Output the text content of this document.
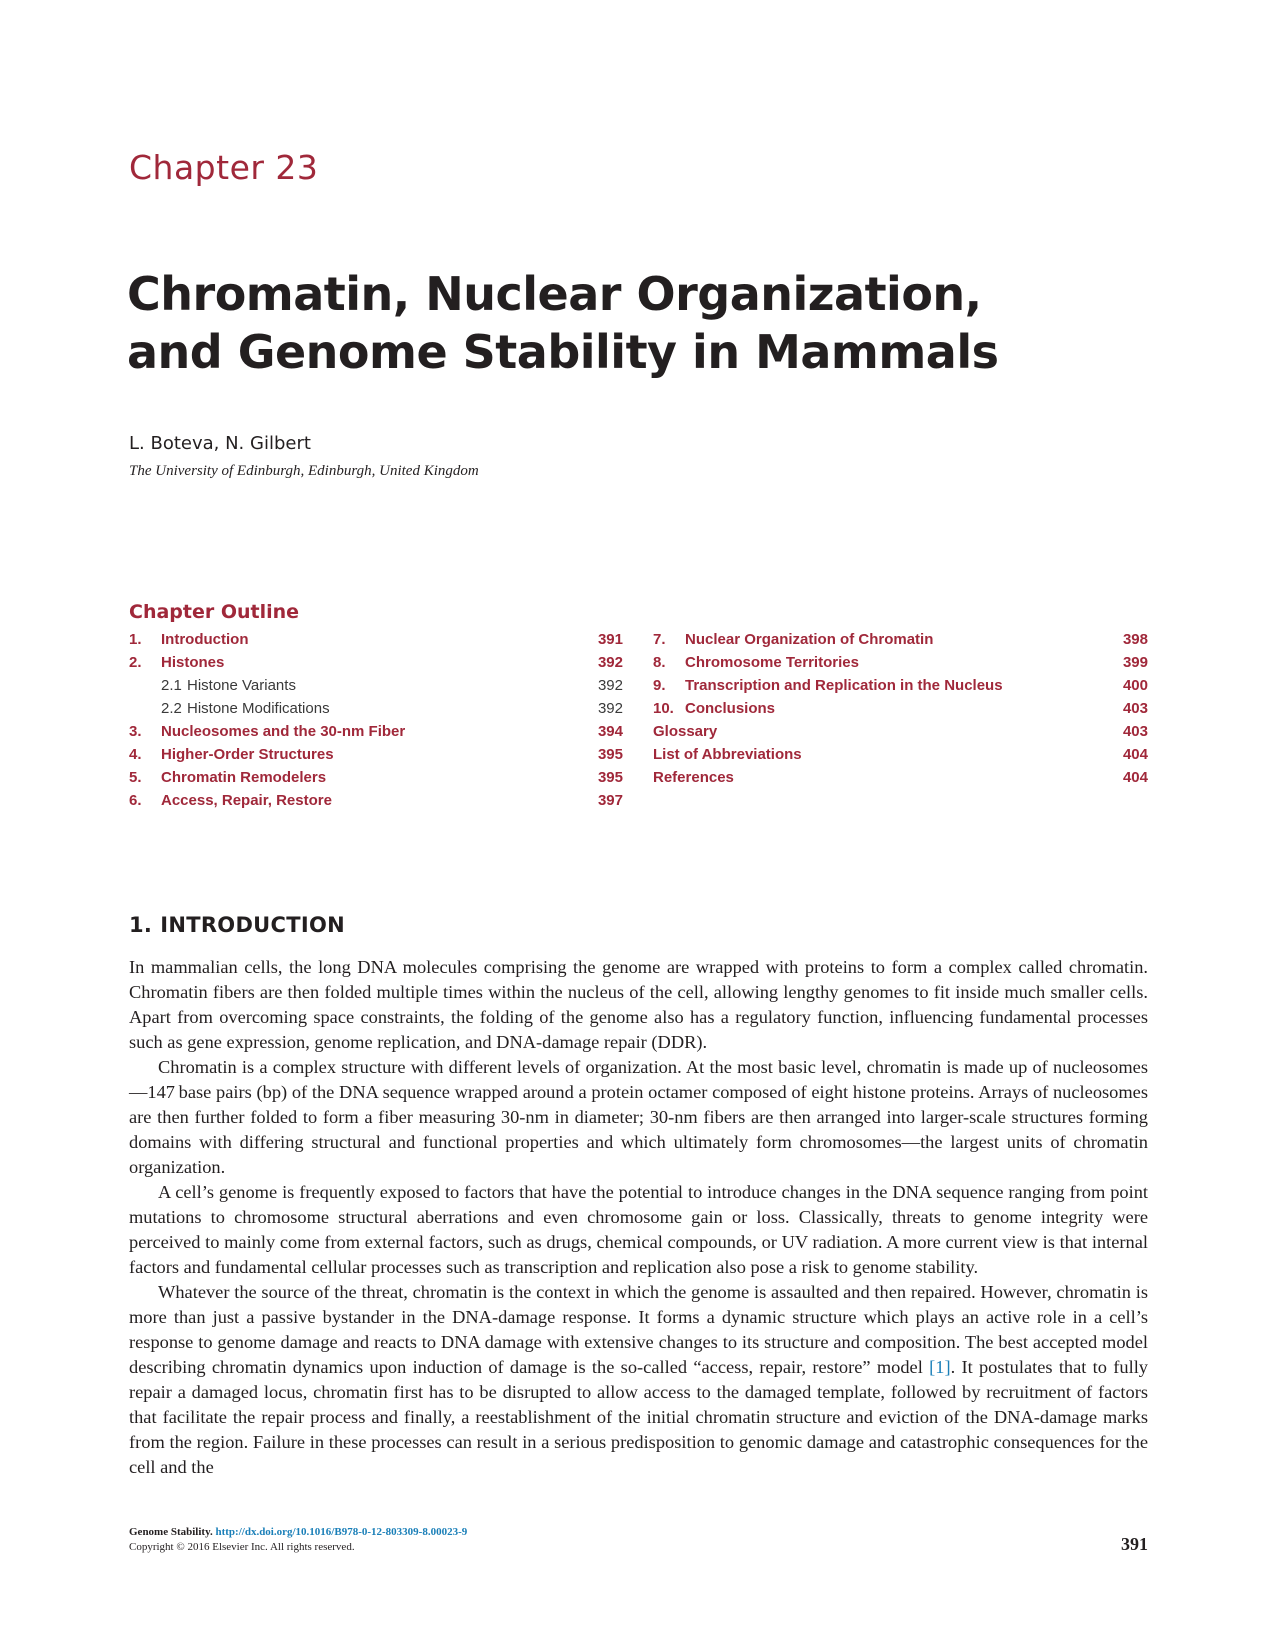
Chapter 23
Chromatin, Nuclear Organization,
and Genome Stability in Mammals
L. Boteva, N. Gilbert
The University of Edinburgh, Edinburgh, United Kingdom
Chapter Outline
1. Introduction	391
2. Histones	392
2.1 Histone Variants	392
2.2 Histone Modifications	392
3. Nucleosomes and the 30-nm Fiber	394
4. Higher-Order Structures	395
5. Chromatin Remodelers	395
6. Access, Repair, Restore	397
7. Nuclear Organization of Chromatin	398
8. Chromosome Territories	399
9. Transcription and Replication in the Nucleus	400
10. Conclusions	403
Glossary	403
List of Abbreviations	404
References	404
1. INTRODUCTION

In mammalian cells, the long DNA molecules comprising the genome are wrapped with proteins to form a complex called chromatin. Chromatin fibers are then folded multiple times within the nucleus of the cell, allowing lengthy genomes to fit inside much smaller cells. Apart from overcoming space constraints, the folding of the genome also has a regulatory function, influencing fundamental processes such as gene expression, genome replication, and DNA-damage repair (DDR).

Chromatin is a complex structure with different levels of organization. At the most basic level, chromatin is made up of nucleosomes—147 base pairs (bp) of the DNA sequence wrapped around a protein octamer composed of eight histone proteins. Arrays of nucleosomes are then further folded to form a fiber measuring 30-nm in diameter; 30-nm fibers are then arranged into larger-scale structures forming domains with differing structural and functional properties and which ultimately form chromosomes—the largest units of chromatin organization.

A cell’s genome is frequently exposed to factors that have the potential to introduce changes in the DNA sequence ranging from point mutations to chromosome structural aberrations and even chromosome gain or loss. Classically, threats to genome integrity were perceived to mainly come from external factors, such as drugs, chemical compounds, or UV radiation. A more current view is that internal factors and fundamental cellular processes such as transcription and replication also pose a risk to genome stability.

Whatever the source of the threat, chromatin is the context in which the genome is assaulted and then repaired. However, chromatin is more than just a passive bystander in the DNA-damage response. It forms a dynamic structure which plays an active role in a cell’s response to genome damage and reacts to DNA damage with extensive changes to its structure and composition. The best accepted model describing chromatin dynamics upon induction of damage is the so-called “access, repair, restore” model [1]. It postulates that to fully repair a damaged locus, chromatin first has to be disrupted to allow access to the damaged template, followed by recruitment of factors that facilitate the repair process and finally, a reestablishment of the initial chromatin structure and eviction of the DNA-damage marks from the region. Failure in these processes can result in a serious predisposition to genomic damage and catastrophic consequences for the cell and the

Genome Stability. http://dx.doi.org/10.1016/B978-0-12-803309-8.00023-9
Copyright © 2016 Elsevier Inc. All rights reserved.	391
